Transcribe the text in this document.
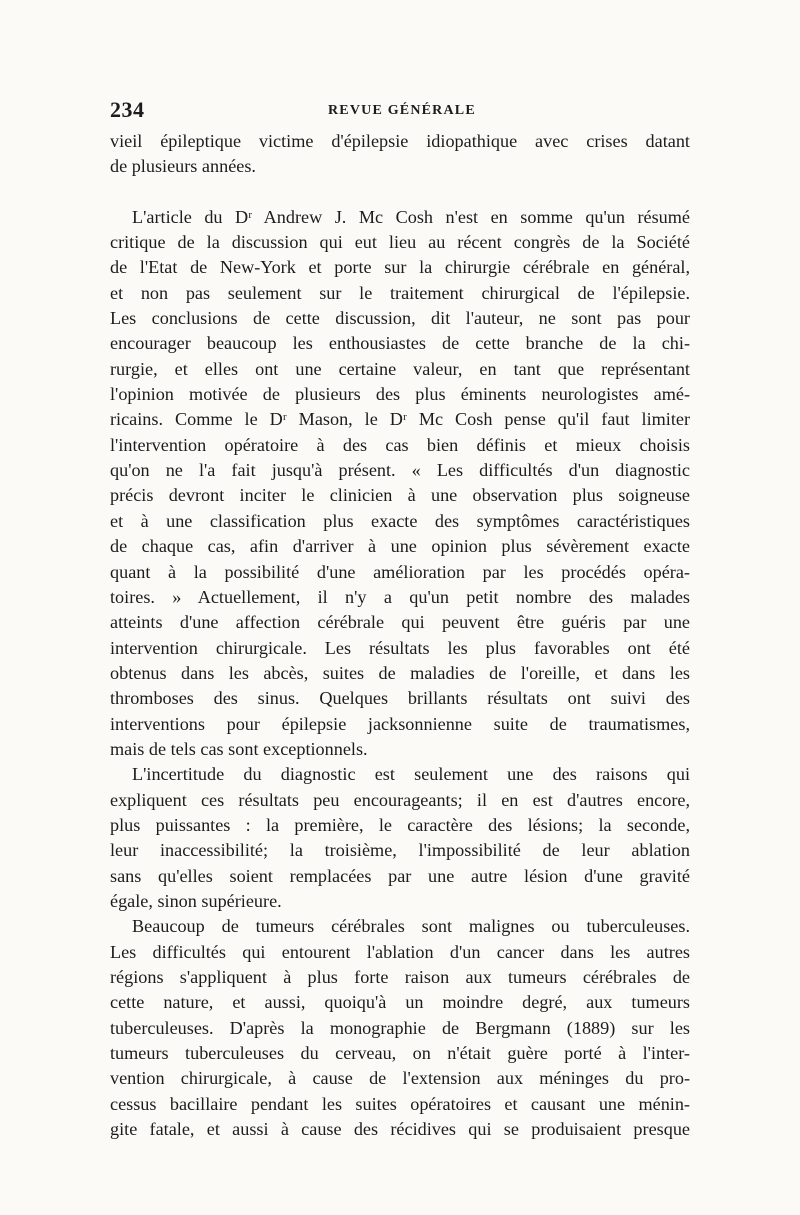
234	REVUE GÉNÉRALE
vieil épileptique victime d'épilepsie idiopathique avec crises datant
de plusieurs années.
L'article du Dʳ Andrew J. Mc Cosh n'est en somme qu'un résumé
critique de la discussion qui eut lieu au récent congrès de la Société
de l'Etat de New-York et porte sur la chirurgie cérébrale en général,
et non pas seulement sur le traitement chirurgical de l'épilepsie.
Les conclusions de cette discussion, dit l'auteur, ne sont pas pour
encourager beaucoup les enthousiastes de cette branche de la chi-
rurgie, et elles ont une certaine valeur, en tant que représentant
l'opinion motivée de plusieurs des plus éminents neurologistes amé-
ricains. Comme le Dʳ Mason, le Dʳ Mc Cosh pense qu'il faut limiter
l'intervention opératoire à des cas bien définis et mieux choisis
qu'on ne l'a fait jusqu'à présent. « Les difficultés d'un diagnostic
précis devront inciter le clinicien à une observation plus soigneuse
et à une classification plus exacte des symptômes caractéristiques
de chaque cas, afin d'arriver à une opinion plus sévèrement exacte
quant à la possibilité d'une amélioration par les procédés opéra-
toires. » Actuellement, il n'y a qu'un petit nombre des malades
atteints d'une affection cérébrale qui peuvent être guéris par une
intervention chirurgicale. Les résultats les plus favorables ont été
obtenus dans les abcès, suites de maladies de l'oreille, et dans les
thromboses des sinus. Quelques brillants résultats ont suivi des
interventions pour épilepsie jacksonnienne suite de traumatismes,
mais de tels cas sont exceptionnels.
L'incertitude du diagnostic est seulement une des raisons qui
expliquent ces résultats peu encourageants; il en est d'autres encore,
plus puissantes : la première, le caractère des lésions; la seconde,
leur inaccessibilité; la troisième, l'impossibilité de leur ablation
sans qu'elles soient remplacées par une autre lésion d'une gravité
égale, sinon supérieure.
Beaucoup de tumeurs cérébrales sont malignes ou tuberculeuses.
Les difficultés qui entourent l'ablation d'un cancer dans les autres
régions s'appliquent à plus forte raison aux tumeurs cérébrales de
cette nature, et aussi, quoiqu'à un moindre degré, aux tumeurs
tuberculeuses. D'après la monographie de Bergmann (1889) sur les
tumeurs tuberculeuses du cerveau, on n'était guère porté à l'inter-
vention chirurgicale, à cause de l'extension aux méninges du pro-
cessus bacillaire pendant les suites opératoires et causant une ménin-
gite fatale, et aussi à cause des récidives qui se produisaient presque
